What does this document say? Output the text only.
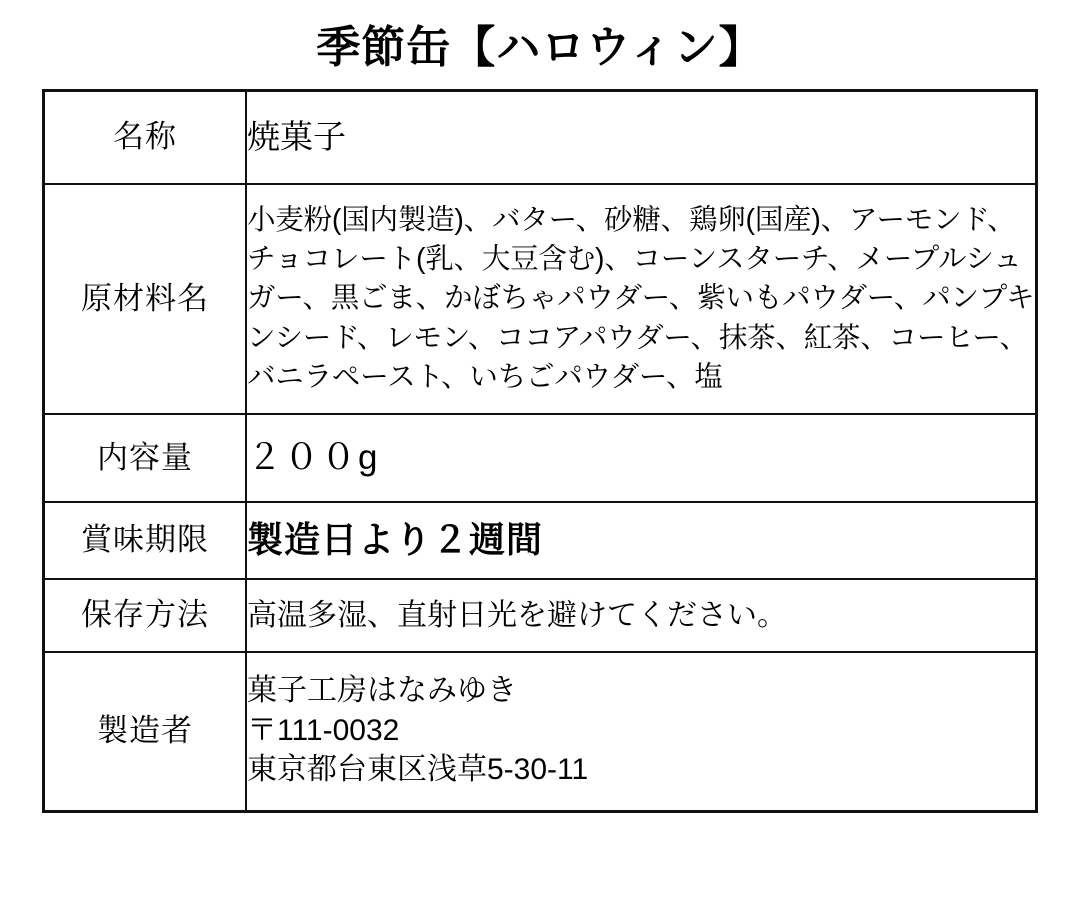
季節缶【ハロウィン】
名称	焼菓子
原材料名	小麦粉(国内製造)、バター、砂糖、鶏卵(国産)、アーモンド、チョコレート(乳、大豆含む)、コーンスターチ、メープルシュガー、黒ごま、かぼちゃパウダー、紫いもパウダー、パンプキンシード、レモン、ココアパウダー、抹茶、紅茶、コーヒー、バニラペースト、いちごパウダー、塩
内容量	２００g
賞味期限	製造日より２週間
保存方法	高温多湿、直射日光を避けてください。
製造者	菓子工房はなみゆき
〒111-0032
東京都台東区浅草5-30-11
